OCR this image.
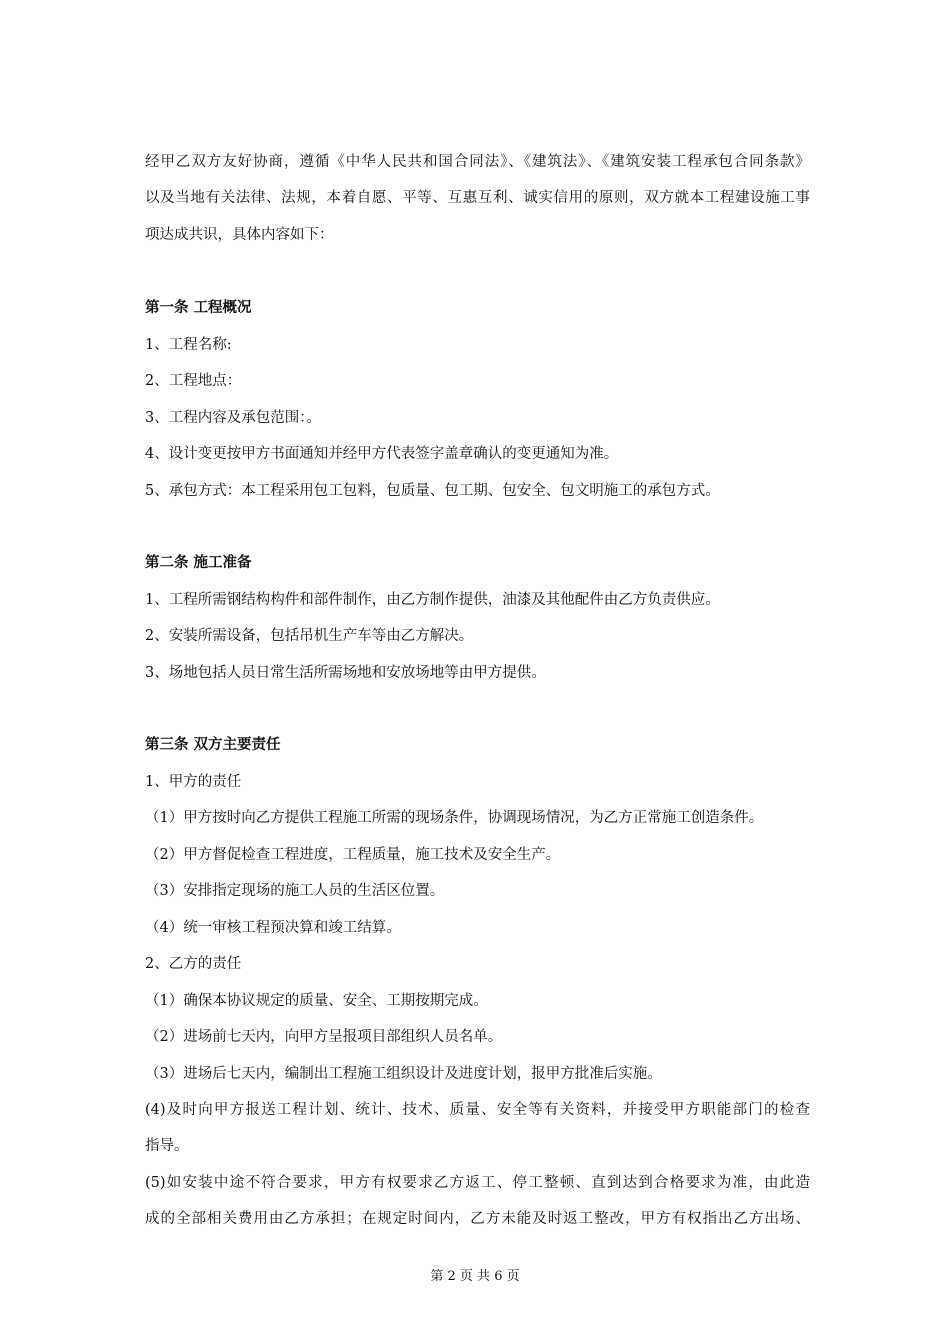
经甲乙双方友好协商，遵循《中华人民共和国合同法》、《建筑法》、《建筑安装工程承包合同条款》
以及当地有关法律、法规，本着自愿、平等、互惠互利、诚实信用的原则，双方就本工程建设施工事
项达成共识，具体内容如下：
第一条 工程概况
1、工程名称:
2、工程地点：
3、工程内容及承包范围：。
4、设计变更按甲方书面通知并经甲方代表签字盖章确认的变更通知为准。
5、承包方式：本工程采用包工包料，包质量、包工期、包安全、包文明施工的承包方式。
第二条 施工准备
1、工程所需钢结构构件和部件制作，由乙方制作提供，油漆及其他配件由乙方负责供应。
2、安装所需设备，包括吊机生产车等由乙方解决。
3、场地包括人员日常生活所需场地和安放场地等由甲方提供。
第三条 双方主要责任
1、甲方的责任
（1）甲方按时向乙方提供工程施工所需的现场条件，协调现场情况，为乙方正常施工创造条件。
（2）甲方督促检查工程进度，工程质量，施工技术及安全生产。
（3）安排指定现场的施工人员的生活区位置。
（4）统一审核工程预决算和竣工结算。
2、乙方的责任
（1）确保本协议规定的质量、安全、工期按期完成。
（2）进场前七天内，向甲方呈报项目部组织人员名单。
（3）进场后七天内，编制出工程施工组织设计及进度计划，报甲方批准后实施。
(4)及时向甲方报送工程计划、统计、技术、质量、安全等有关资料，并接受甲方职能部门的检查
指导。
(5)如安装中途不符合要求，甲方有权要求乙方返工、停工整顿、直到达到合格要求为准，由此造
成的全部相关费用由乙方承担；在规定时间内，乙方未能及时返工整改，甲方有权指出乙方出场、
第 2 页 共 6 页
